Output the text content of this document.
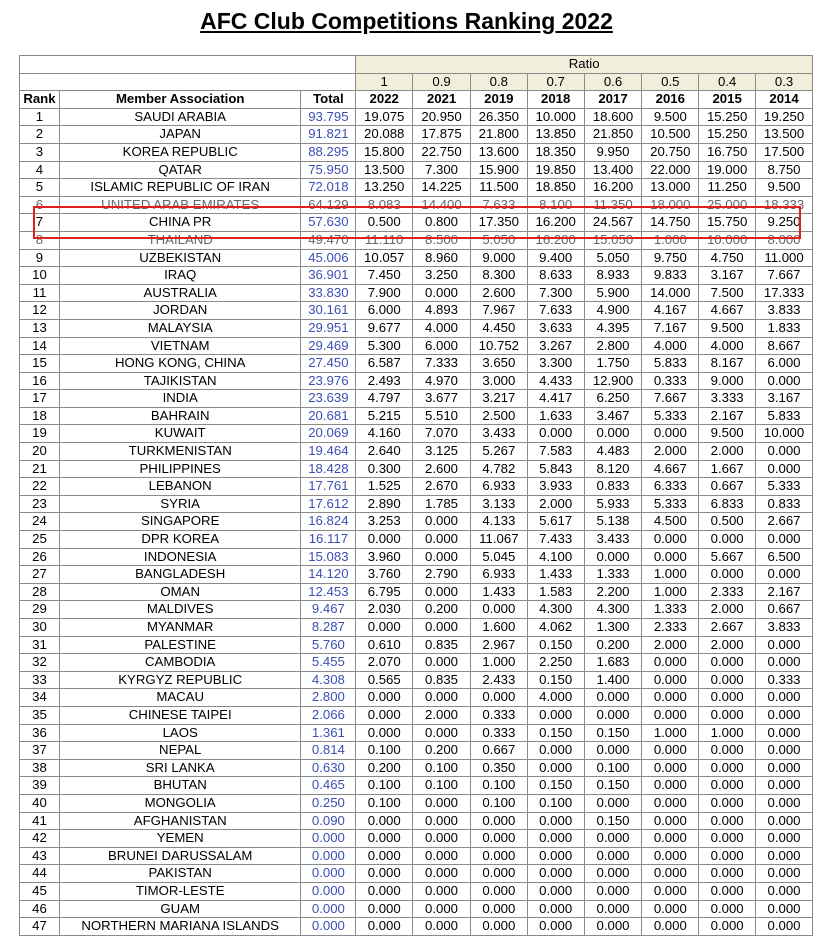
AFC Club Competitions Ranking 2022
			Ratio							
			1	0.9	0.8	0.7	0.6	0.5	0.4	0.3
Rank	Member Association	Total	2022	2021	2019	2018	2017	2016	2015	2014
1	SAUDI ARABIA	93.795	19.075	20.950	26.350	10.000	18.600	9.500	15.250	19.250
2	JAPAN	91.821	20.088	17.875	21.800	13.850	21.850	10.500	15.250	13.500
3	KOREA REPUBLIC	88.295	15.800	22.750	13.600	18.350	9.950	20.750	16.750	17.500
4	QATAR	75.950	13.500	7.300	15.900	19.850	13.400	22.000	19.000	8.750
5	ISLAMIC REPUBLIC OF IRAN	72.018	13.250	14.225	11.500	18.850	16.200	13.000	11.250	9.500
6	UNITED ARAB EMIRATES	64.129	8.083	14.400	7.633	8.100	11.350	18.000	25.000	18.333
7	CHINA PR	57.630	0.500	0.800	17.350	16.200	24.567	14.750	15.750	9.250
8	THAILAND	49.470	11.110	8.500	5.050	16.200	15.050	1.000	10.000	8.000
9	UZBEKISTAN	45.006	10.057	8.960	9.000	9.400	5.050	9.750	4.750	11.000
10	IRAQ	36.901	7.450	3.250	8.300	8.633	8.933	9.833	3.167	7.667
11	AUSTRALIA	33.830	7.900	0.000	2.600	7.300	5.900	14.000	7.500	17.333
12	JORDAN	30.161	6.000	4.893	7.967	7.633	4.900	4.167	4.667	3.833
13	MALAYSIA	29.951	9.677	4.000	4.450	3.633	4.395	7.167	9.500	1.833
14	VIETNAM	29.469	5.300	6.000	10.752	3.267	2.800	4.000	4.000	8.667
15	HONG KONG, CHINA	27.450	6.587	7.333	3.650	3.300	1.750	5.833	8.167	6.000
16	TAJIKISTAN	23.976	2.493	4.970	3.000	4.433	12.900	0.333	9.000	0.000
17	INDIA	23.639	4.797	3.677	3.217	4.417	6.250	7.667	3.333	3.167
18	BAHRAIN	20.681	5.215	5.510	2.500	1.633	3.467	5.333	2.167	5.833
19	KUWAIT	20.069	4.160	7.070	3.433	0.000	0.000	0.000	9.500	10.000
20	TURKMENISTAN	19.464	2.640	3.125	5.267	7.583	4.483	2.000	2.000	0.000
21	PHILIPPINES	18.428	0.300	2.600	4.782	5.843	8.120	4.667	1.667	0.000
22	LEBANON	17.761	1.525	2.670	6.933	3.933	0.833	6.333	0.667	5.333
23	SYRIA	17.612	2.890	1.785	3.133	2.000	5.933	5.333	6.833	0.833
24	SINGAPORE	16.824	3.253	0.000	4.133	5.617	5.138	4.500	0.500	2.667
25	DPR KOREA	16.117	0.000	0.000	11.067	7.433	3.433	0.000	0.000	0.000
26	INDONESIA	15.083	3.960	0.000	5.045	4.100	0.000	0.000	5.667	6.500
27	BANGLADESH	14.120	3.760	2.790	6.933	1.433	1.333	1.000	0.000	0.000
28	OMAN	12.453	6.795	0.000	1.433	1.583	2.200	1.000	2.333	2.167
29	MALDIVES	9.467	2.030	0.200	0.000	4.300	4.300	1.333	2.000	0.667
30	MYANMAR	8.287	0.000	0.000	1.600	4.062	1.300	2.333	2.667	3.833
31	PALESTINE	5.760	0.610	0.835	2.967	0.150	0.200	2.000	2.000	0.000
32	CAMBODIA	5.455	2.070	0.000	1.000	2.250	1.683	0.000	0.000	0.000
33	KYRGYZ REPUBLIC	4.308	0.565	0.835	2.433	0.150	1.400	0.000	0.000	0.333
34	MACAU	2.800	0.000	0.000	0.000	4.000	0.000	0.000	0.000	0.000
35	CHINESE TAIPEI	2.066	0.000	2.000	0.333	0.000	0.000	0.000	0.000	0.000
36	LAOS	1.361	0.000	0.000	0.333	0.150	0.150	1.000	1.000	0.000
37	NEPAL	0.814	0.100	0.200	0.667	0.000	0.000	0.000	0.000	0.000
38	SRI LANKA	0.630	0.200	0.100	0.350	0.000	0.100	0.000	0.000	0.000
39	BHUTAN	0.465	0.100	0.100	0.100	0.150	0.150	0.000	0.000	0.000
40	MONGOLIA	0.250	0.100	0.000	0.100	0.100	0.000	0.000	0.000	0.000
41	AFGHANISTAN	0.090	0.000	0.000	0.000	0.000	0.150	0.000	0.000	0.000
42	YEMEN	0.000	0.000	0.000	0.000	0.000	0.000	0.000	0.000	0.000
43	BRUNEI DARUSSALAM	0.000	0.000	0.000	0.000	0.000	0.000	0.000	0.000	0.000
44	PAKISTAN	0.000	0.000	0.000	0.000	0.000	0.000	0.000	0.000	0.000
45	TIMOR-LESTE	0.000	0.000	0.000	0.000	0.000	0.000	0.000	0.000	0.000
46	GUAM	0.000	0.000	0.000	0.000	0.000	0.000	0.000	0.000	0.000
47	NORTHERN MARIANA ISLANDS	0.000	0.000	0.000	0.000	0.000	0.000	0.000	0.000	0.000
